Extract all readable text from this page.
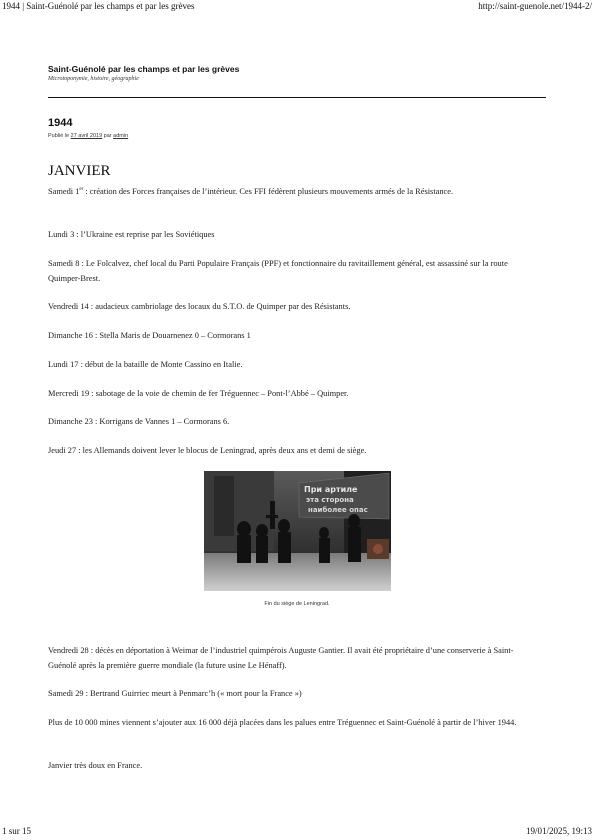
1944 | Saint-Guénolé par les champs et par les grèves	http://saint-guenole.net/1944-2/
Saint-Guénolé par les champs et par les grèves
Microtoponymie, histoire, géographie
1944
Publié le 27 avril 2019 par admin
JANVIER

Samedi 1er : création des Forces françaises de l’intérieur. Ces FFI fédèrent plusieurs mouvements armés de la Résistance.

Lundi 3 : l’Ukraine est reprise par les Soviétiques

Samedi 8 : Le Folcalvez, chef local du Parti Populaire Français (PPF) et fonctionnaire du ravitaillement général, est assassiné sur la route Quimper-Brest.

Vendredi 14 : audacieux cambriolage des locaux du S.T.O. de Quimper par des Résistants.

Dimanche 16 : Stella Maris de Douarnenez 0 – Cormorans 1

Lundi 17 : début de la bataille de Monte Cassino en Italie.

Mercredi 19 : sabotage de la voie de chemin de fer Tréguennec – Pont-l’Abbé – Quimper.

Dimanche 23 : Korrigans de Vannes 1 – Cormorans 6.

Jeudi 27 : les Allemands doivent lever le blocus de Leningrad, après deux ans et demi de siège.

При артиле
эта сторона
наиболее опас
Fin du siège de Leningrad.

Vendredi 28 : décès en déportation à Weimar de l’industriel quimpérois Auguste Gantier. Il avait été propriétaire d’une conserverie à Saint-Guénolé après la première guerre mondiale (la future usine Le Hénaff).

Samedi 29 : Bertrand Guirriec meurt à Penmarc’h (« mort pour la France »)

Plus de 10 000 mines viennent s’ajouter aux 16 000 déjà placées dans les palues entre Tréguennec et Saint-Guénolé à partir de l’hiver 1944.

Janvier très doux en France.

1 sur 15	19/01/2025, 19:13
